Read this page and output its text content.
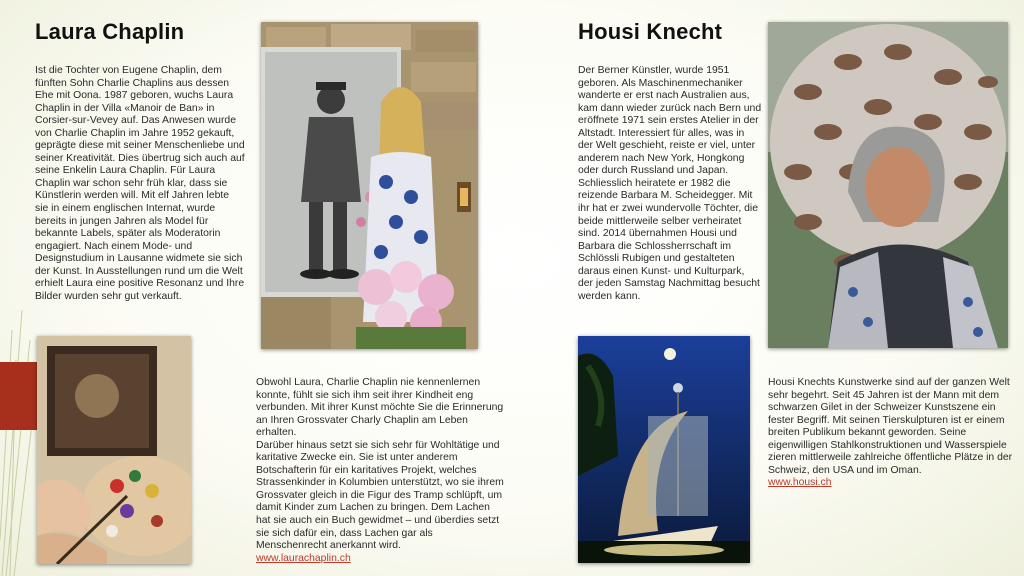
Laura Chaplin
Ist die Tochter von Eugene Chaplin, dem fünften Sohn Charlie Chaplins aus dessen Ehe mit Oona. 1987 geboren, wuchs Laura Chaplin in der Villa «Manoir de Ban» in Corsier-sur-Vevey auf. Das Anwesen wurde von Charlie Chaplin im Jahre 1952 gekauft, geprägte diese mit seiner Menschenliebe und seiner Kreativität. Dies übertrug sich auch auf seine Enkelin Laura Chaplin. Für Laura Chaplin war schon sehr früh klar, dass sie Künstlerin werden will. Mit elf Jahren lebte sie in einem englischen Internat, wurde bereits in jungen Jahren als Model für bekannte Labels, später als Moderatorin engagiert. Nach einem Mode- und Designstudium in Lausanne widmete sie sich der Kunst. In Ausstellungen rund um die Welt erhielt Laura eine positive Resonanz und Ihre Bilder wurden sehr gut verkauft.
Obwohl Laura, Charlie Chaplin nie kennenlernen konnte, fühlt sie sich ihm seit ihrer Kindheit eng verbunden. Mit ihrer Kunst möchte Sie die Erinnerung an Ihren Grossvater Charly Chaplin am Leben erhalten.
Darüber hinaus setzt sie sich sehr für Wohltätige und karitative Zwecke ein. Sie ist unter anderem Botschafterin für ein karitatives Projekt, welches Strassenkinder in Kolumbien unterstützt, wo sie ihrem Grossvater gleich in die Figur des Tramp schlüpft, um damit Kinder zum Lachen zu bringen. Dem Lachen hat sie auch ein Buch gewidmet – und überdies setzt sie sich dafür ein, dass Lachen gar als Menschenrecht anerkannt wird.
www.laurachaplin.ch
Housi Knecht
Der Berner Künstler, wurde 1951 geboren. Als Maschinenmechaniker wanderte er erst nach Australien aus, kam dann wieder zurück nach Bern und eröffnete 1971 sein erstes Atelier in der Altstadt. Interessiert für alles, was in der Welt geschieht, reiste er viel, unter anderem nach New York, Hongkong oder durch Russland und Japan. Schliesslich heiratete er 1982 die reizende Barbara M. Scheidegger. Mit ihr hat er zwei wundervolle Töchter, die beide mittlerweile selber verheiratet sind. 2014 übernahmen Housi und Barbara die Schlossherrschaft im Schlössli Rubigen und gestalteten daraus einen Kunst- und Kulturpark, der jeden Samstag Nachmittag besucht werden kann.
Housi Knechts Kunstwerke sind auf der ganzen Welt sehr begehrt. Seit 45 Jahren ist der Mann mit dem schwarzen Gilet in der Schweizer Kunstszene ein fester Begriff. Mit seinen Tierskulpturen ist er einem breiten Publikum bekannt geworden. Seine eigenwilligen Stahlkonstruktionen und Wasserspiele zieren mittlerweile zahlreiche öffentliche Plätze in der Schweiz, den USA und im Oman.
www.housi.ch
